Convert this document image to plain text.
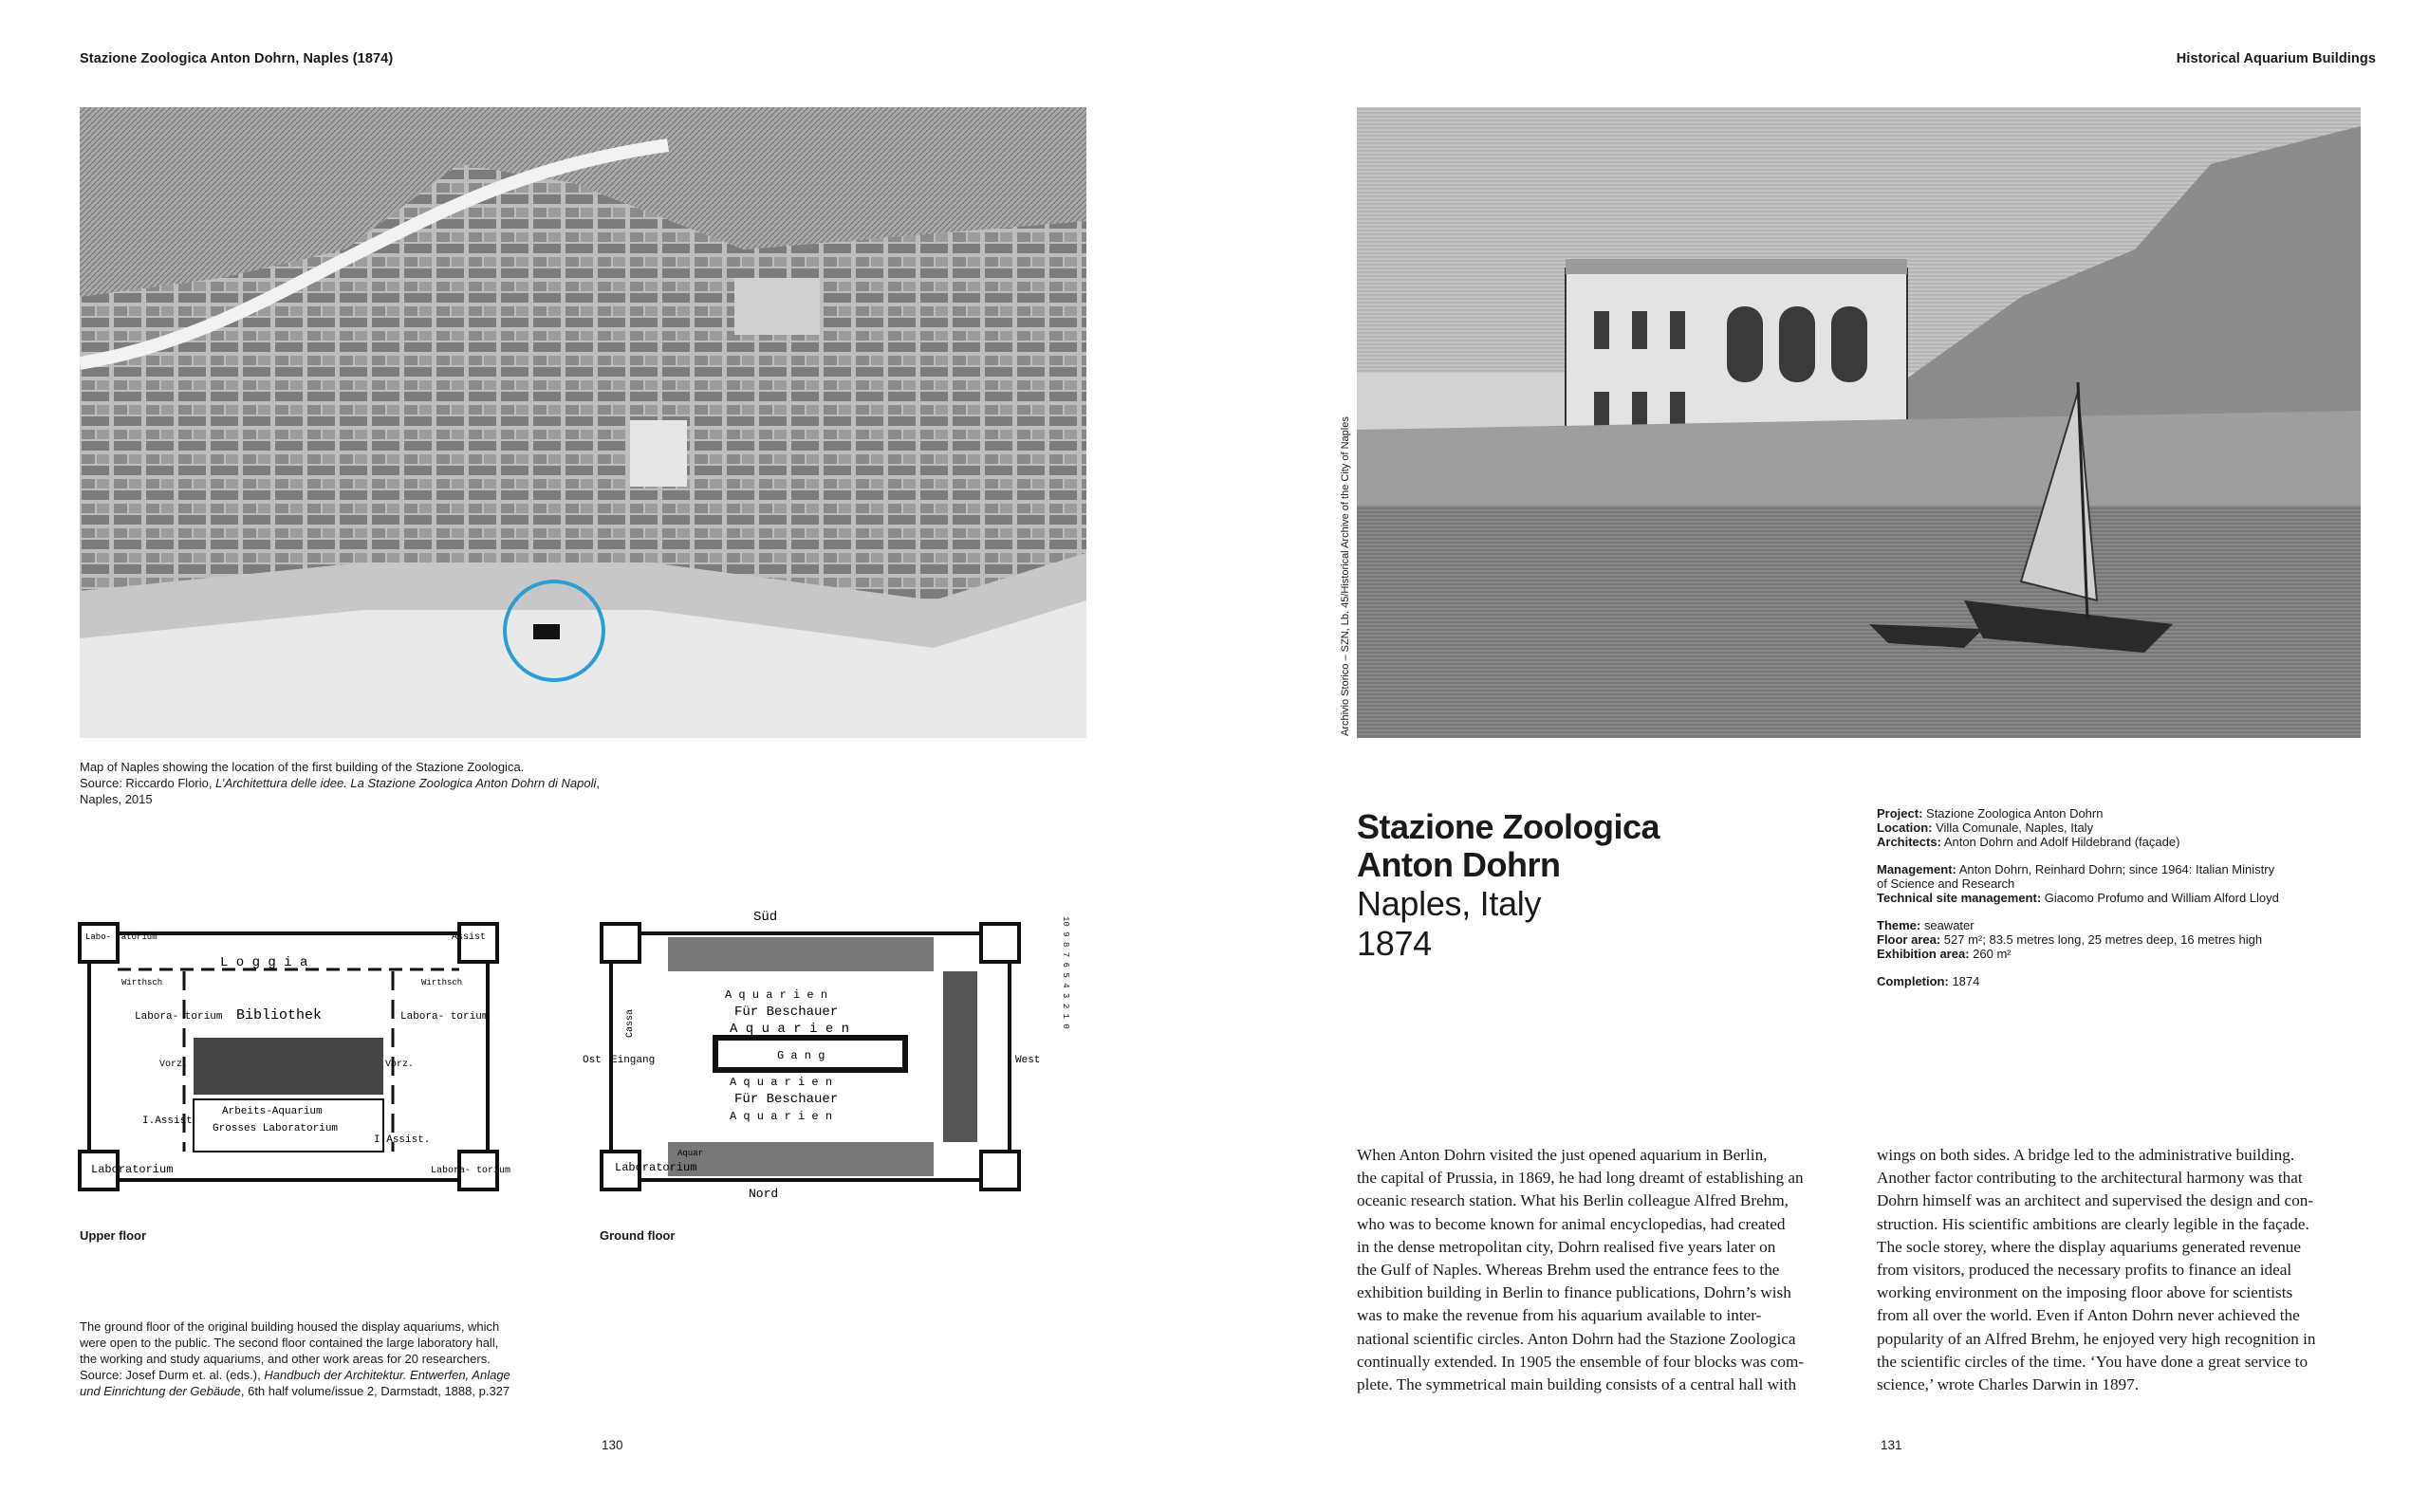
Stazione Zoologica Anton Dohrn, Naples (1874)
Map of Naples showing the location of the first building of the Stazione Zoologica.
Source: Riccardo Florio, L’Architettura delle idee. La Stazione Zoologica Anton Dohrn di Napoli,
Naples, 2015
Labo- ratorium	Assist
Wirthsch	Wirthsch
L o g g i a
Bibliothek
Labora- torium	Labora- torium
Vorz.	Vorz.
Arbeits-Aquarium
Grosses Laboratorium
I.Assist
I.Assist.
Laboratorium	Labora- torium
Upper floor
Süd
Nord
Ost	West
Cassa
Eingang
A q u a r i e n
Für Beschauer
A q u a r i e n
G a n g
A q u a r i e n
Für Beschauer
A q u a r i e n
Laboratorium
Aquar
10 9 8 7 6 5 4 3 2 1 0
Ground floor
The ground floor of the original building housed the display aquariums, which
were open to the public. The second floor contained the large laboratory hall,
the working and study aquariums, and other work areas for 20 researchers.
Source: Josef Durm et. al. (eds.), Handbuch der Architektur. Entwerfen, Anlage
und Einrichtung der Gebäude, 6th half volume/issue 2, Darmstadt, 1888, p.327
130
Historical Aquarium Buildings
Archivio Storico – SZN, Lb. 45/Historical Archive of the City of Naples
Stazione Zoologica
Anton Dohrn
Naples, Italy
1874
Project: Stazione Zoologica Anton Dohrn
Location: Villa Comunale, Naples, Italy
Architects: Anton Dohrn and Adolf Hildebrand (façade)
Management: Anton Dohrn, Reinhard Dohrn; since 1964: Italian Ministry
of Science and Research
Technical site management: Giacomo Profumo and William Alford Lloyd
Theme: seawater
Floor area: 527 m²; 83.5 metres long, 25 metres deep, 16 metres high
Exhibition area: 260 m²
Completion: 1874

When Anton Dohrn visited the just opened aquarium in Berlin,

the capital of Prussia, in 1869, he had long dreamt of establishing an

oceanic research station. What his Berlin colleague Alfred Brehm,

who was to become known for animal encyclopedias, had created

in the dense metropolitan city, Dohrn realised five years later on

the Gulf of Naples. Whereas Brehm used the entrance fees to the

exhibition building in Berlin to finance publications, Dohrn’s wish

was to make the revenue from his aquarium available to inter-

national scientific circles. Anton Dohrn had the Stazione Zoologica

continually extended. In 1905 the ensemble of four blocks was com-

plete. The symmetrical main building consists of a central hall with

wings on both sides. A bridge led to the administrative building.

Another factor contributing to the architectural harmony was that

Dohrn himself was an architect and supervised the design and con-

struction. His scientific ambitions are clearly legible in the façade.

The socle storey, where the display aquariums generated revenue

from visitors, produced the necessary profits to finance an ideal

working environment on the imposing floor above for scientists

from all over the world. Even if Anton Dohrn never achieved the

popularity of an Alfred Brehm, he enjoyed very high recognition in

the scientific circles of the time. ‘You have done a great service to

science,’ wrote Charles Darwin in 1897.

131
